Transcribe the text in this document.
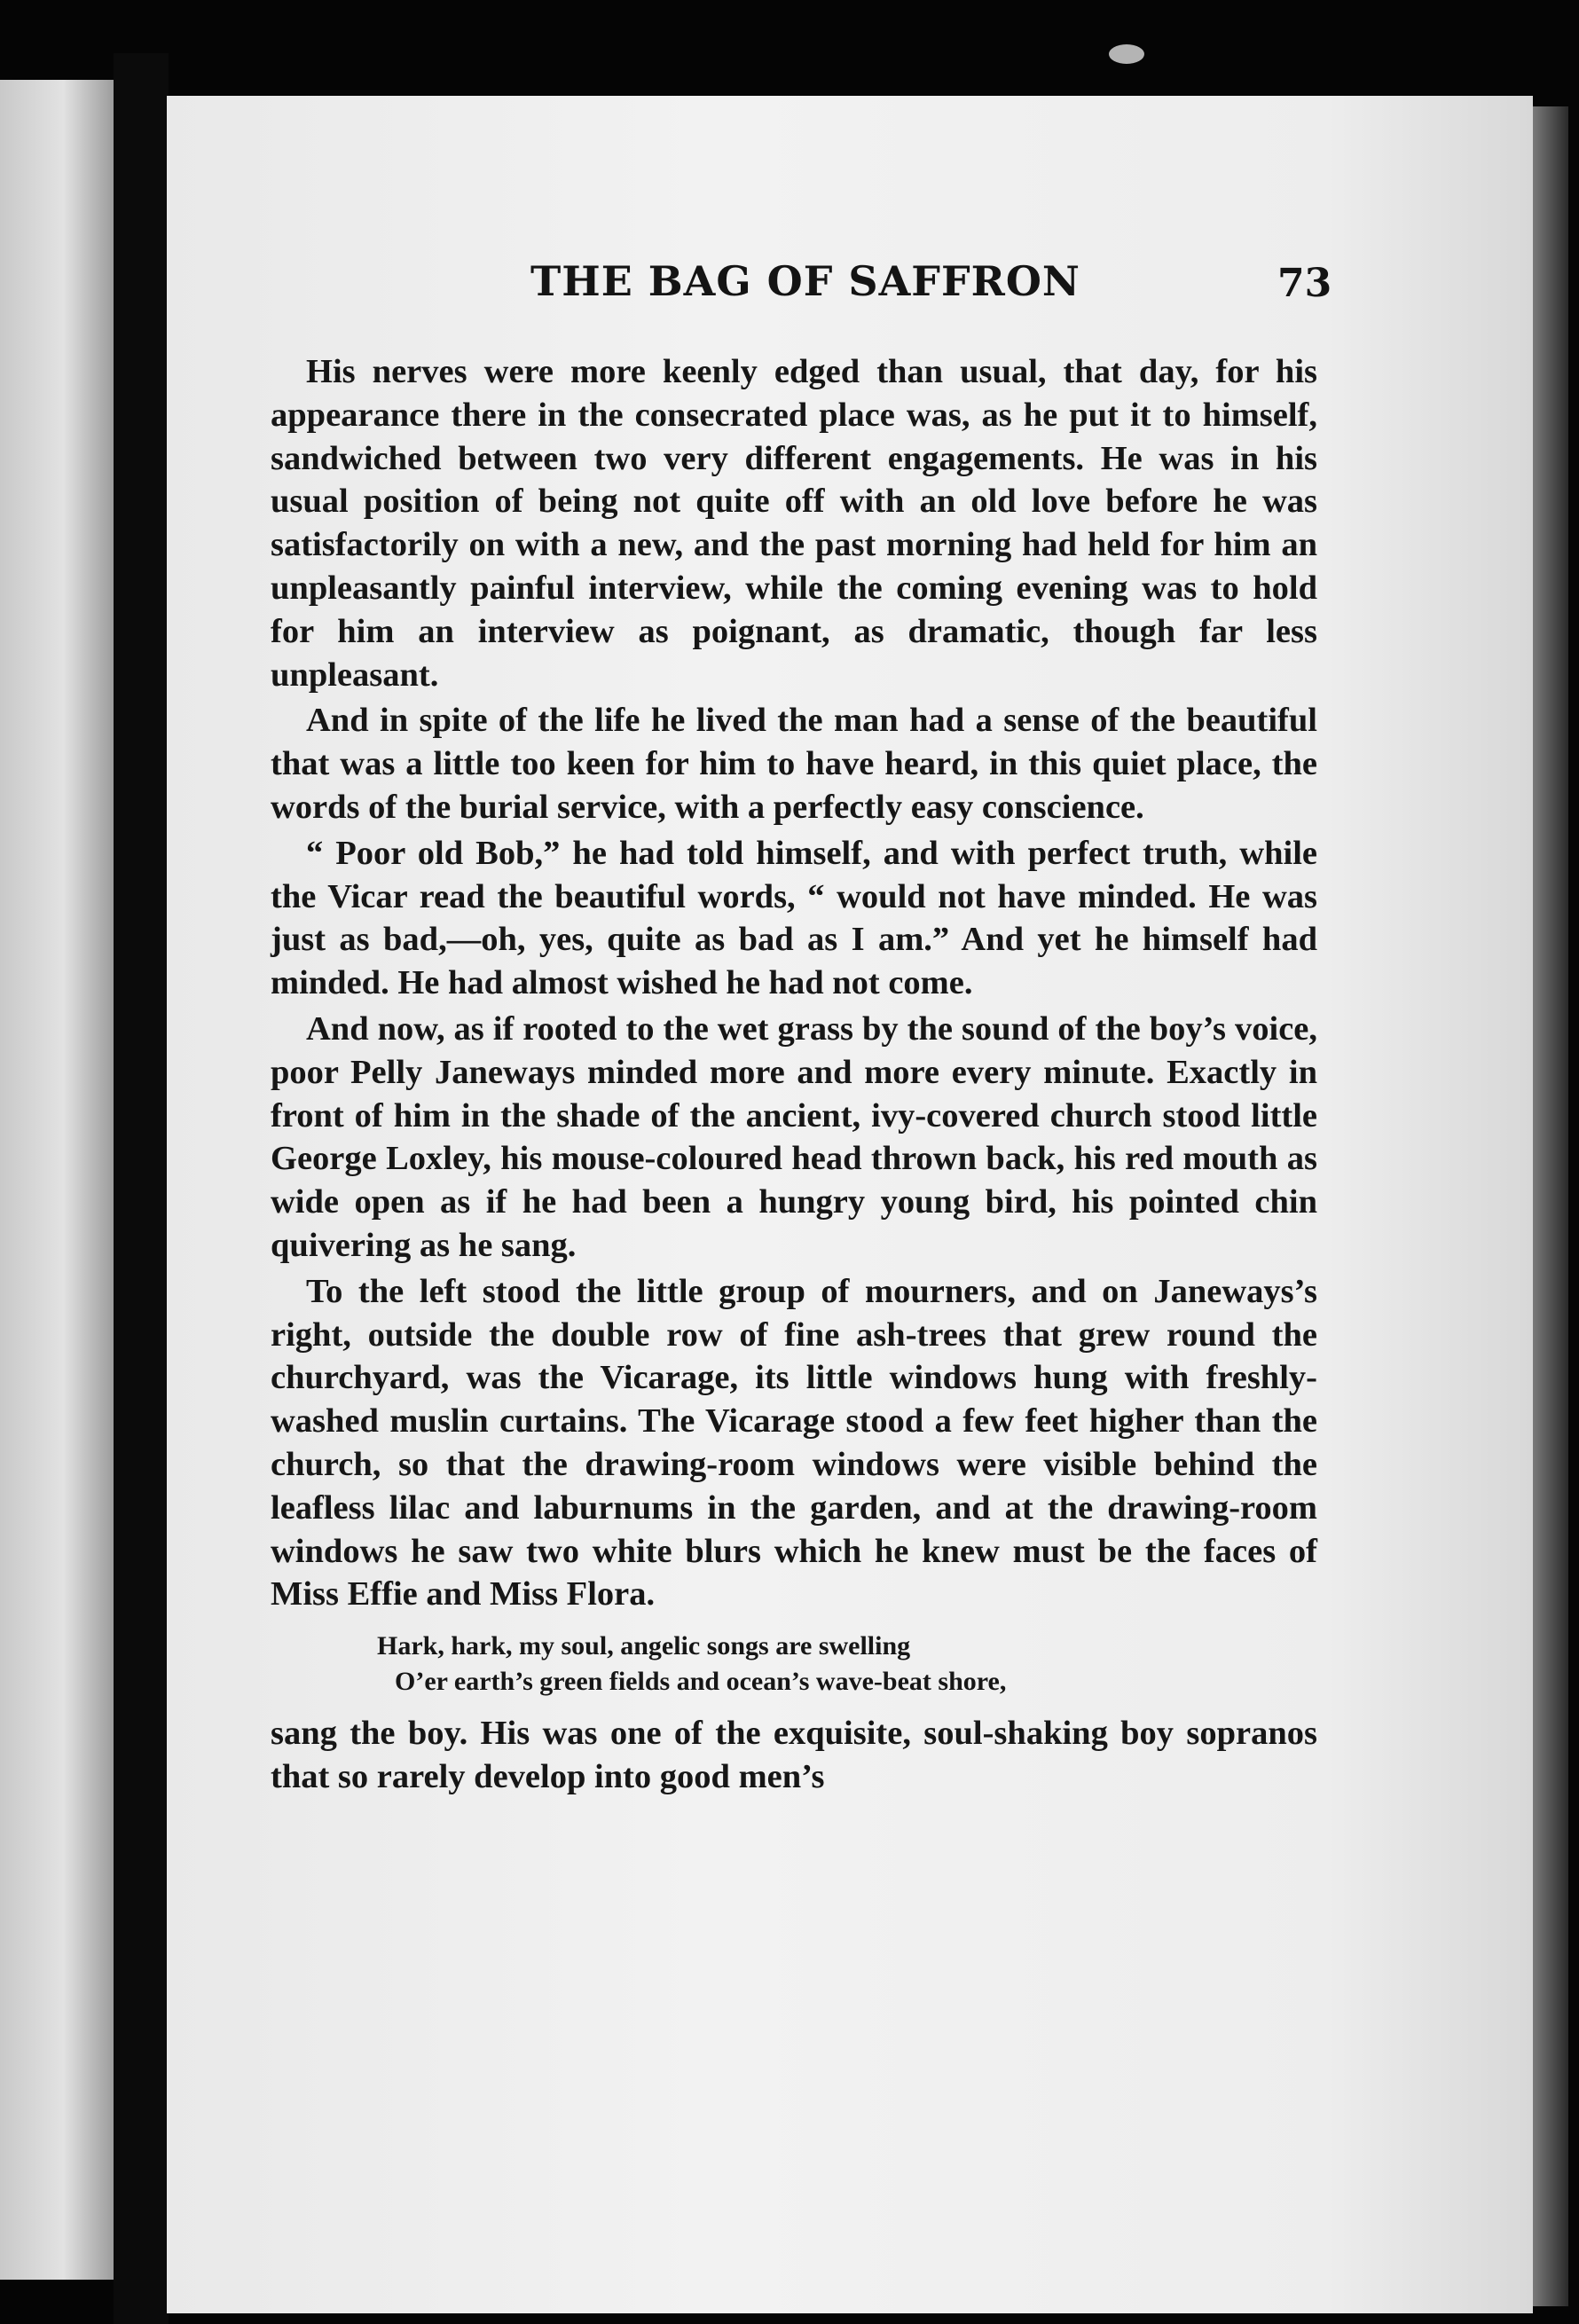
THE BAG OF SAFFRON	73

His nerves were more keenly edged than usual, that day, for his appearance there in the consecrated place was, as he put it to himself, sandwiched between two very different engagements. He was in his usual position of being not quite off with an old love before he was satisfactorily on with a new, and the past morning had held for him an unpleasantly painful interview, while the coming evening was to hold for him an interview as poignant, as dramatic, though far less unpleasant.

And in spite of the life he lived the man had a sense of the beautiful that was a little too keen for him to have heard, in this quiet place, the words of the burial service, with a perfectly easy conscience.

“ Poor old Bob,” he had told himself, and with perfect truth, while the Vicar read the beautiful words, “ would not have minded. He was just as bad,—oh, yes, quite as bad as I am.” And yet he himself had minded. He had almost wished he had not come.

And now, as if rooted to the wet grass by the sound of the boy’s voice, poor Pelly Janeways minded more and more every minute. Exactly in front of him in the shade of the ancient, ivy-covered church stood little George Loxley, his mouse-coloured head thrown back, his red mouth as wide open as if he had been a hungry young bird, his pointed chin quivering as he sang.

To the left stood the little group of mourners, and on Janeways’s right, outside the double row of fine ash-trees that grew round the churchyard, was the Vicarage, its little windows hung with freshly-washed muslin curtains. The Vicarage stood a few feet higher than the church, so that the drawing-room windows were visible behind the leafless lilac and laburnums in the garden, and at the drawing-room windows he saw two white blurs which he knew must be the faces of Miss Effie and Miss Flora.

Hark, hark, my soul, angelic songs are swelling
O’er earth’s green fields and ocean’s wave-beat shore,

sang the boy. His was one of the exquisite, soul-shaking boy sopranos that so rarely develop into good men’s
